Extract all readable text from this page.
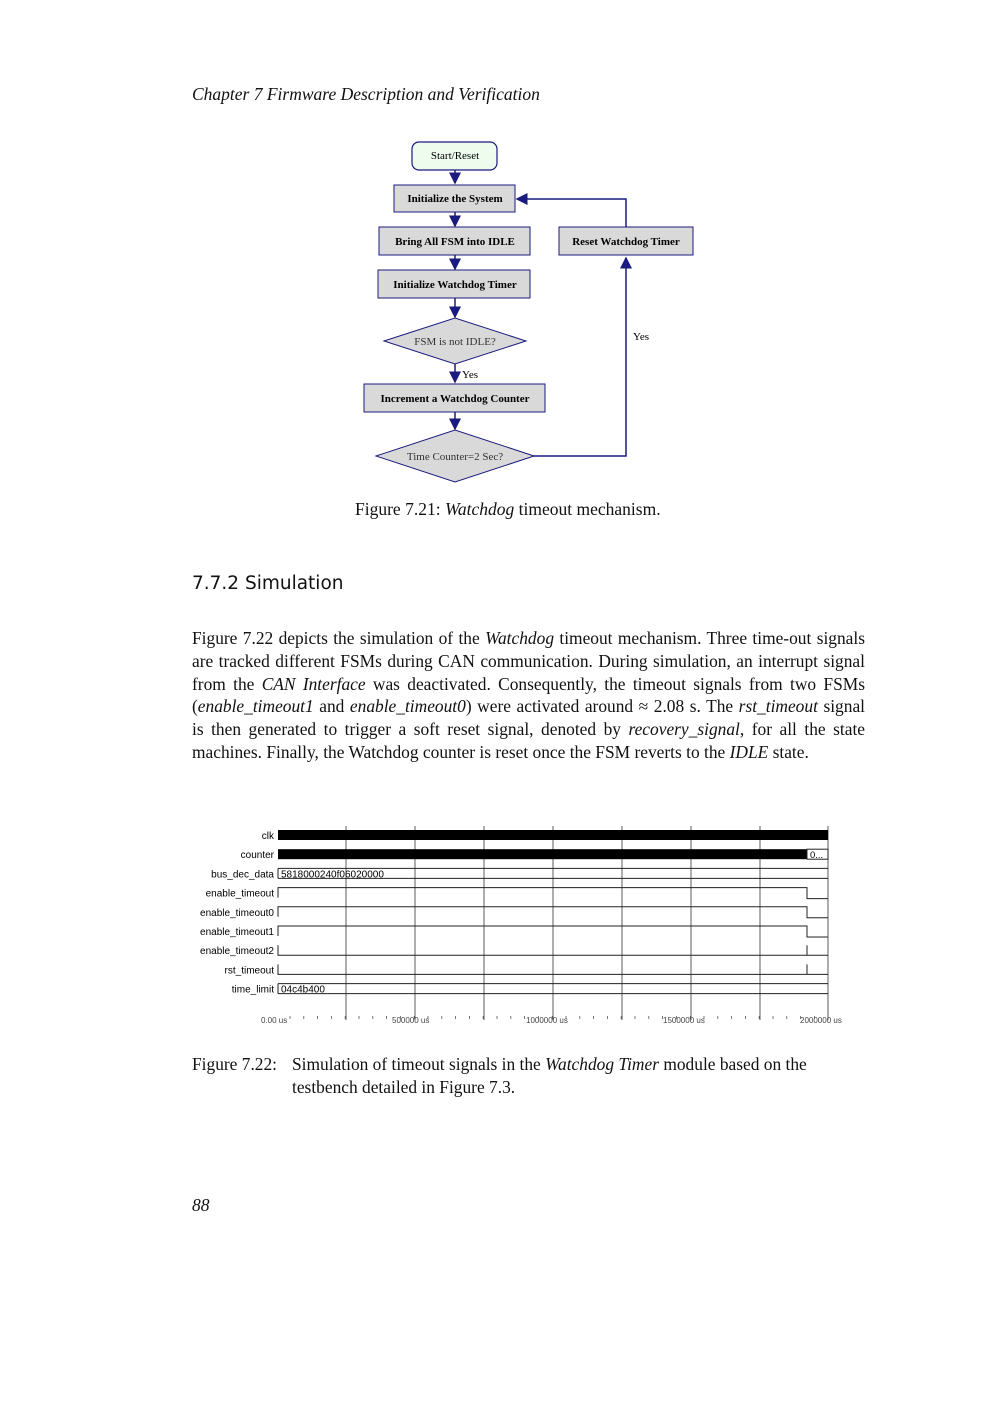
Chapter 7 Firmware Description and Verification
Start/Reset
Initialize the System
Bring All FSM into IDLE	Reset Watchdog Timer
Initialize Watchdog Timer
FSM is not IDLE?
Yes
Increment a Watchdog Counter
Time Counter=2 Sec?
Yes
Figure 7.21: Watchdog timeout mechanism.
7.7.2 Simulation
Figure 7.22 depicts the simulation of the Watchdog timeout mechanism. Three time-out signals are tracked different FSMs during CAN communication. During simulation, an interrupt signal from the CAN Interface was deactivated. Consequently, the timeout signals from two FSMs (enable_timeout1 and enable_timeout0) were activated around ≈ 2.08 s. The rst_timeout signal is then generated to trigger a soft reset signal, denoted by recovery_signal, for all the state machines. Finally, the Watchdog counter is reset once the FSM reverts to the IDLE state.
clk
counter	0...
bus_dec_data 5818000240f06020000
enable_timeout
enable_timeout0
enable_timeout1
enable_timeout2
rst_timeout
time_limit 04c4b400
0.00 us	500000 us	1000000 us	1500000 us	2000000 us
Figure 7.22: Simulation of timeout signals in the Watchdog Timer module based on the testbench detailed in Figure 7.3.
88
